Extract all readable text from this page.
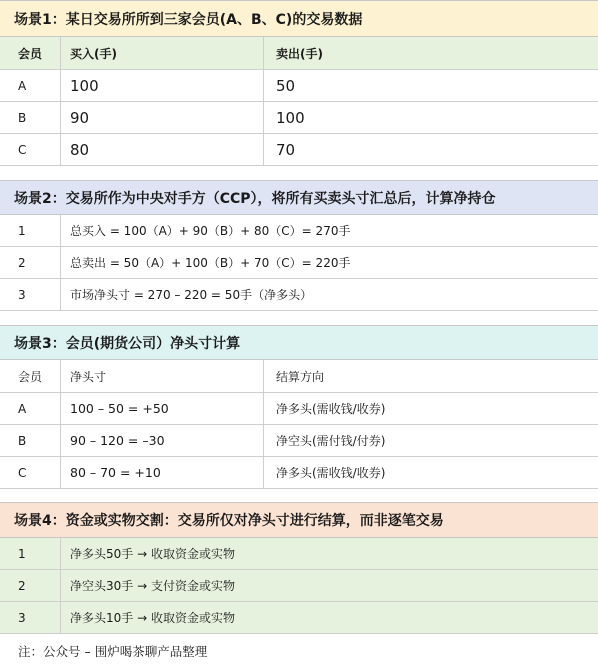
场景1：某日交易所所到三家会员(A、B、C)的交易数据
会员 买入(手)	卖出(手)
A	100	50
B	90	100
C	80	70
场景2：交易所作为中央对手方（CCP），将所有买卖头寸汇总后，计算净持仓
1	总买入 = 100（A）+ 90（B）+ 80（C）= 270手
2	总卖出 = 50（A）+ 100（B）+ 70（C）= 220手
3	市场净头寸 = 270 – 220 = 50手（净多头）
场景3：会员(期货公司）净头寸计算
会员 净头寸	结算方向
A	100 – 50 = +50	净多头(需收钱/收券)
B	90 – 120 = –30	净空头(需付钱/付券)
C	80 – 70 = +10	净多头(需收钱/收券)
场景4：资金或实物交割：交易所仅对净头寸进行结算，而非逐笔交易
1	净多头50手 → 收取资金或实物
2	净空头30手 → 支付资金或实物
3	净多头10手 → 收取资金或实物
注：公众号 – 围炉喝茶聊产品整理
